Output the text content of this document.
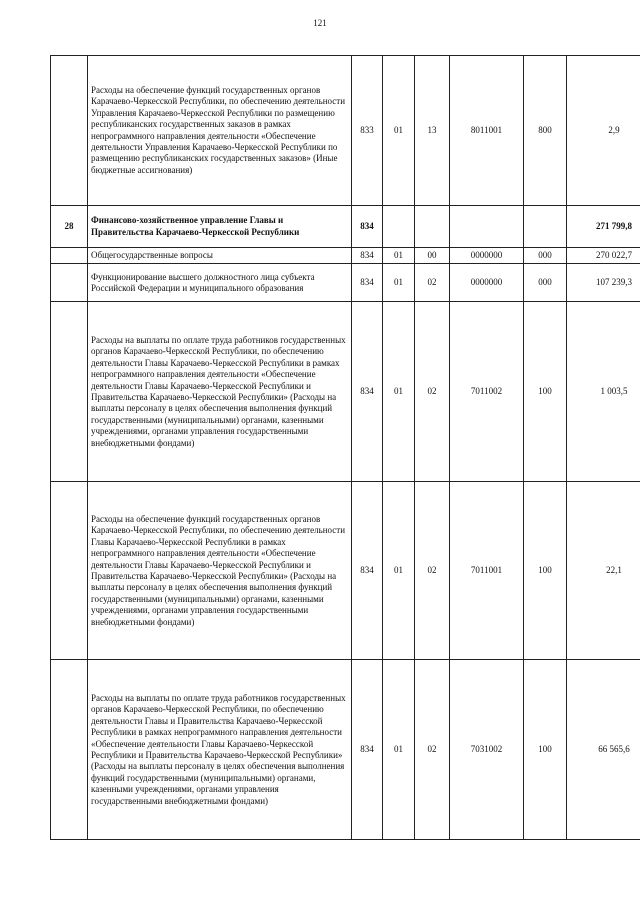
121
	Расходы на обеспечение функций государственных органов Карачаево-Черкесской Республики, по обеспечению деятельности Управления Карачаево-Черкесской Республики по размещению республиканских государственных заказов в рамках непрограммного направления деятельности «Обеспечение деятельности Управления Карачаево-Черкесской Республики по размещению республиканских государственных заказов» (Иные бюджетные ассигнования)	833	01	13	8011001	800	2,9
28	Финансово-хозяйственное управление Главы и Правительства Карачаево-Черкесской Республики	834					271 799,8
	Общегосударственные вопросы	834	01	00	0000000	000	270 022,7
	Функционирование высшего должностного лица субъекта Российской Федерации и муниципального образования	834	01	02	0000000	000	107 239,3
	Расходы на выплаты по оплате труда работников государственных органов Карачаево-Черкесской Республики, по обеспечению деятельности Главы Карачаево-Черкесской Республики в рамках непрограммного направления деятельности «Обеспечение деятельности Главы Карачаево-Черкесской Республики и Правительства Карачаево-Черкесской Республики» (Расходы на выплаты персоналу в целях обеспечения выполнения функций государственными (муниципальными) органами, казенными учреждениями, органами управления государственными внебюджетными фондами)	834	01	02	7011002	100	1 003,5
	Расходы на обеспечение функций государственных органов Карачаево-Черкесской Республики, по обеспечению деятельности Главы Карачаево-Черкесской Республики в рамках непрограммного направления деятельности «Обеспечение деятельности Главы Карачаево-Черкесской Республики и Правительства Карачаево-Черкесской Республики» (Расходы на выплаты персоналу в целях обеспечения выполнения функций государственными (муниципальными) органами, казенными учреждениями, органами управления государственными внебюджетными фондами)	834	01	02	7011001	100	22,1
	Расходы на выплаты по оплате труда работников государственных органов Карачаево-Черкесской Республики, по обеспечению деятельности Главы и Правительства Карачаево-Черкесской Республики в рамках непрограммного направления деятельности «Обеспечение деятельности Главы Карачаево-Черкесской Республики и Правительства Карачаево-Черкесской Республики» (Расходы на выплаты персоналу в целях обеспечения выполнения функций государственными (муниципальными) органами, казенными учреждениями, органами управления государственными внебюджетными фондами)	834	01	02	7031002	100	66 565,6
